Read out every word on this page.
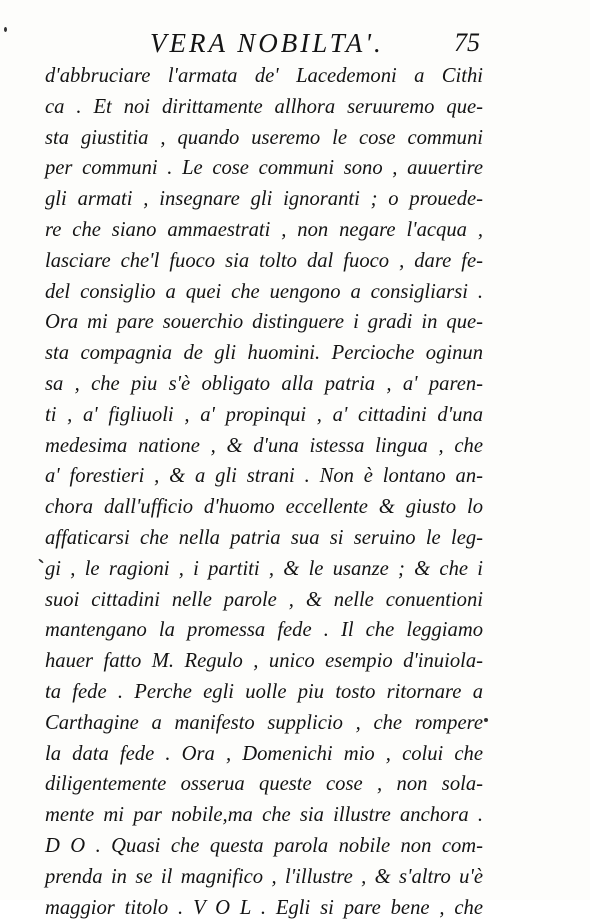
VERA NOBILTA'.	75
d'abbruciare l'armata de' Lacedemoni a Cithi
ca . Et noi dirittamente allhora seruuremo que-
sta giustitia , quando useremo le cose communi
per communi . Le cose communi sono , auuertire
gli armati , insegnare gli ignoranti ; o prouede-
re che siano ammaestrati , non negare l'acqua ,
lasciare che'l fuoco sia tolto dal fuoco , dare fe-
del consiglio a quei che uengono a consigliarsi .
Ora mi pare souerchio distinguere i gradi in que-
sta compagnia de gli huomini. Percioche oginun
sa , che piu s'è obligato alla patria , a' paren-
ti , a' figliuoli , a' propinqui , a' cittadini d'una
medesima natione , & d'una istessa lingua , che
a' forestieri , & a gli strani . Non è lontano an-
chora dall'ufficio d'huomo eccellente & giusto lo
affaticarsi che nella patria sua si seruino le leg-
gi , le ragioni , i partiti , & le usanze ; & che i
suoi cittadini nelle parole , & nelle conuentioni
mantengano la promessa fede . Il che leggiamo
hauer fatto M. Regulo , unico esempio d'inuiola-
ta fede . Perche egli uolle piu tosto ritornare a
Carthagine a manifesto supplicio , che rompere
la data fede . Ora , Domenichi mio , colui che
diligentemente osserua queste cose , non sola-
mente mi par nobile,ma che sia illustre anchora .
D O . Quasi che questa parola nobile non com-
prenda in se il magnifico , l'illustre , & s'altro u'è
maggior titolo . V O L . Egli si pare bene , che
